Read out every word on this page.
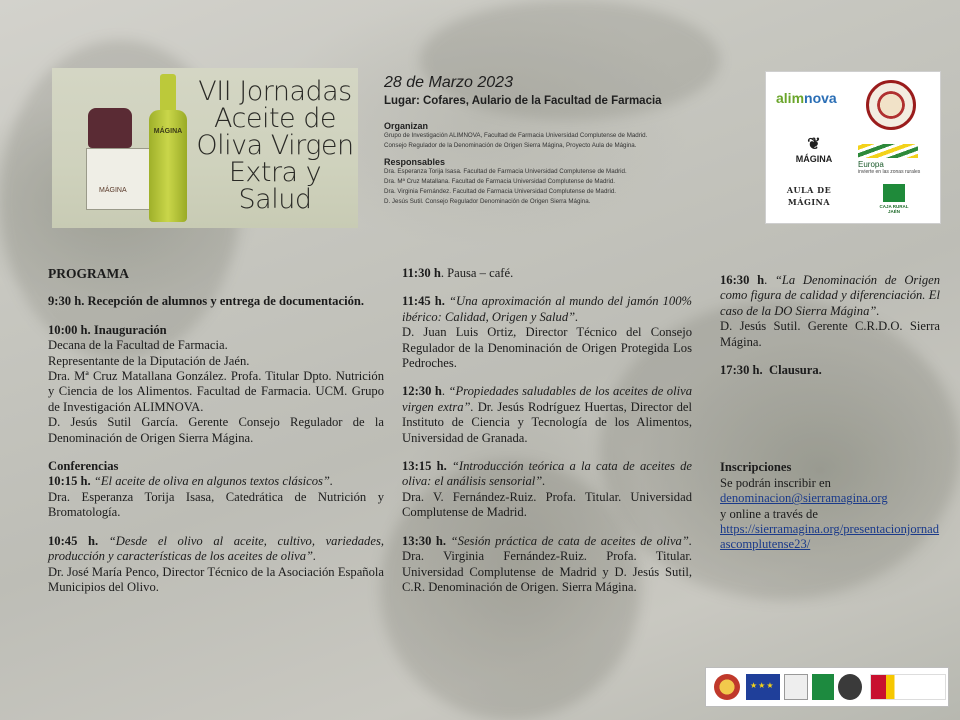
MÁGINA
MÁGINA
VII Jornadas Aceite de Oliva Virgen Extra y Salud
28 de Marzo 2023
Lugar: Cofares, Aulario de la Facultad de Farmacia
Organizan
Grupo de Investigación ALIMNOVA, Facultad de Farmacia Universidad Complutense de Madrid.
Consejo Regulador de la Denominación de Origen Sierra Mágina, Proyecto Aula de Mágina.
Responsables
Dra. Esperanza Torija Isasa. Facultad de Farmacia Universidad Complutense de Madrid.
Dra. Mª Cruz Matallana. Facultad de Farmacia Universidad Complutense de Madrid.
Dra. Virginia Fernández. Facultad de Farmacia Universidad Complutense de Madrid.
D. Jesús Sutil. Consejo Regulador Denominación de Origen Sierra Mágina.
alimnova
❦
MÁGINA
Europa
invierte en las zonas rurales
AULA DE MÁGINA	CAJA RURAL JAÉN

PROGRAMA

9:30 h. Recepción de alumnos y entrega de documentación.

10:00 h. Inauguración

Decana de la Facultad de Farmacia.

Representante de la Diputación de Jaén.

Dra. Mª Cruz Matallana González. Profa. Titular Dpto. Nutrición y Ciencia de los Alimentos. Facultad de Farmacia. UCM. Grupo de Investigación ALIMNOVA.

D. Jesús Sutil García. Gerente Consejo Regulador de la Denominación de Origen Sierra Mágina.

Conferencias

10:15 h. “El aceite de oliva en algunos textos clásicos”.

Dra. Esperanza Torija Isasa, Catedrática de Nutrición y Bromatología.

10:45 h. “Desde el olivo al aceite, cultivo, variedades, producción y características de los aceites de oliva”.

Dr. José María Penco, Director Técnico de la Asociación Española Municipios del Olivo.

11:30 h. Pausa – café.

11:45 h. “Una aproximación al mundo del jamón 100% ibérico: Calidad, Origen y Salud”.

D. Juan Luis Ortiz, Director Técnico del Consejo Regulador de la Denominación de Origen Protegida Los Pedroches.

12:30 h. “Propiedades saludables de los aceites de oliva virgen extra”. Dr. Jesús Rodríguez Huertas, Director del Instituto de Ciencia y Tecnología de los Alimentos, Universidad de Granada.

13:15 h. “Introducción teórica a la cata de aceites de oliva: el análisis sensorial”.

Dra. V. Fernández-Ruiz. Profa. Titular. Universidad Complutense de Madrid.

13:30 h. “Sesión práctica de cata de aceites de oliva”. Dra. Virginia Fernández-Ruiz. Profa. Titular. Universidad Complutense de Madrid y D. Jesús Sutil, C.R. Denominación de Origen. Sierra Mágina.

16:30 h. “La Denominación de Origen como figura de calidad y diferenciación. El caso de la DO Sierra Mágina”.

D. Jesús Sutil. Gerente C.R.D.O. Sierra Mágina.

17:30 h. Clausura.

Inscripciones

Se podrán inscribir en

denominacion@sierramagina.org

y online a través de

https://sierramagina.org/presentacionjornadascomplutense23/

★★★
